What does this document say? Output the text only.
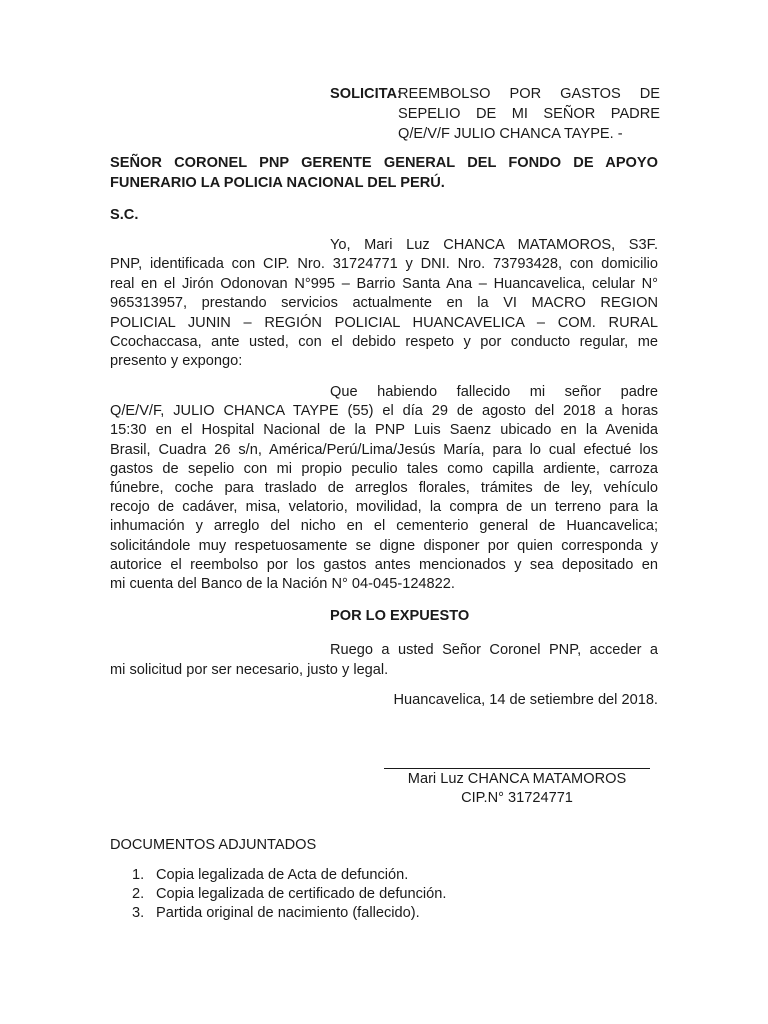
SOLICITA:
REEMBOLSO POR GASTOS DE
SEPELIO DE MI SEÑOR PADRE
Q/E/V/F JULIO CHANCA TAYPE. -
SEÑOR CORONEL PNP GERENTE GENERAL DEL FONDO DE APOYO
FUNERARIO LA POLICIA NACIONAL DEL PERÚ.
S.C.
Yo, Mari Luz CHANCA MATAMOROS, S3F.
PNP, identificada con CIP. Nro. 31724771 y DNI. Nro. 73793428, con domicilio
real en el Jirón Odonovan N°995 – Barrio Santa Ana – Huancavelica, celular N°
965313957, prestando servicios actualmente en la VI MACRO REGION
POLICIAL JUNIN – REGIÓN POLICIAL HUANCAVELICA – COM. RURAL
Ccochaccasa, ante usted, con el debido respeto y por conducto regular, me
presento y expongo:
Que habiendo fallecido mi señor padre
Q/E/V/F, JULIO CHANCA TAYPE (55) el día 29 de agosto del 2018 a horas
15:30 en el Hospital Nacional de la PNP Luis Saenz ubicado en la Avenida
Brasil, Cuadra 26 s/n, América/Perú/Lima/Jesús María, para lo cual efectué los
gastos de sepelio con mi propio peculio tales como capilla ardiente, carroza
fúnebre, coche para traslado de arreglos florales, trámites de ley, vehículo
recojo de cadáver, misa, velatorio, movilidad, la compra de un terreno para la
inhumación y arreglo del nicho en el cementerio general de Huancavelica;
solicitándole muy respetuosamente se digne disponer por quien corresponda y
autorice el reembolso por los gastos antes mencionados y sea depositado en
mi cuenta del Banco de la Nación N° 04-045-124822.
POR LO EXPUESTO
Ruego a usted Señor Coronel PNP, acceder a
mi solicitud por ser necesario, justo y legal.
Huancavelica, 14 de setiembre del 2018.
Mari Luz CHANCA MATAMOROS
CIP.N° 31724771
DOCUMENTOS ADJUNTADOS
1. Copia legalizada de Acta de defunción.
2. Copia legalizada de certificado de defunción.
3. Partida original de nacimiento (fallecido).
